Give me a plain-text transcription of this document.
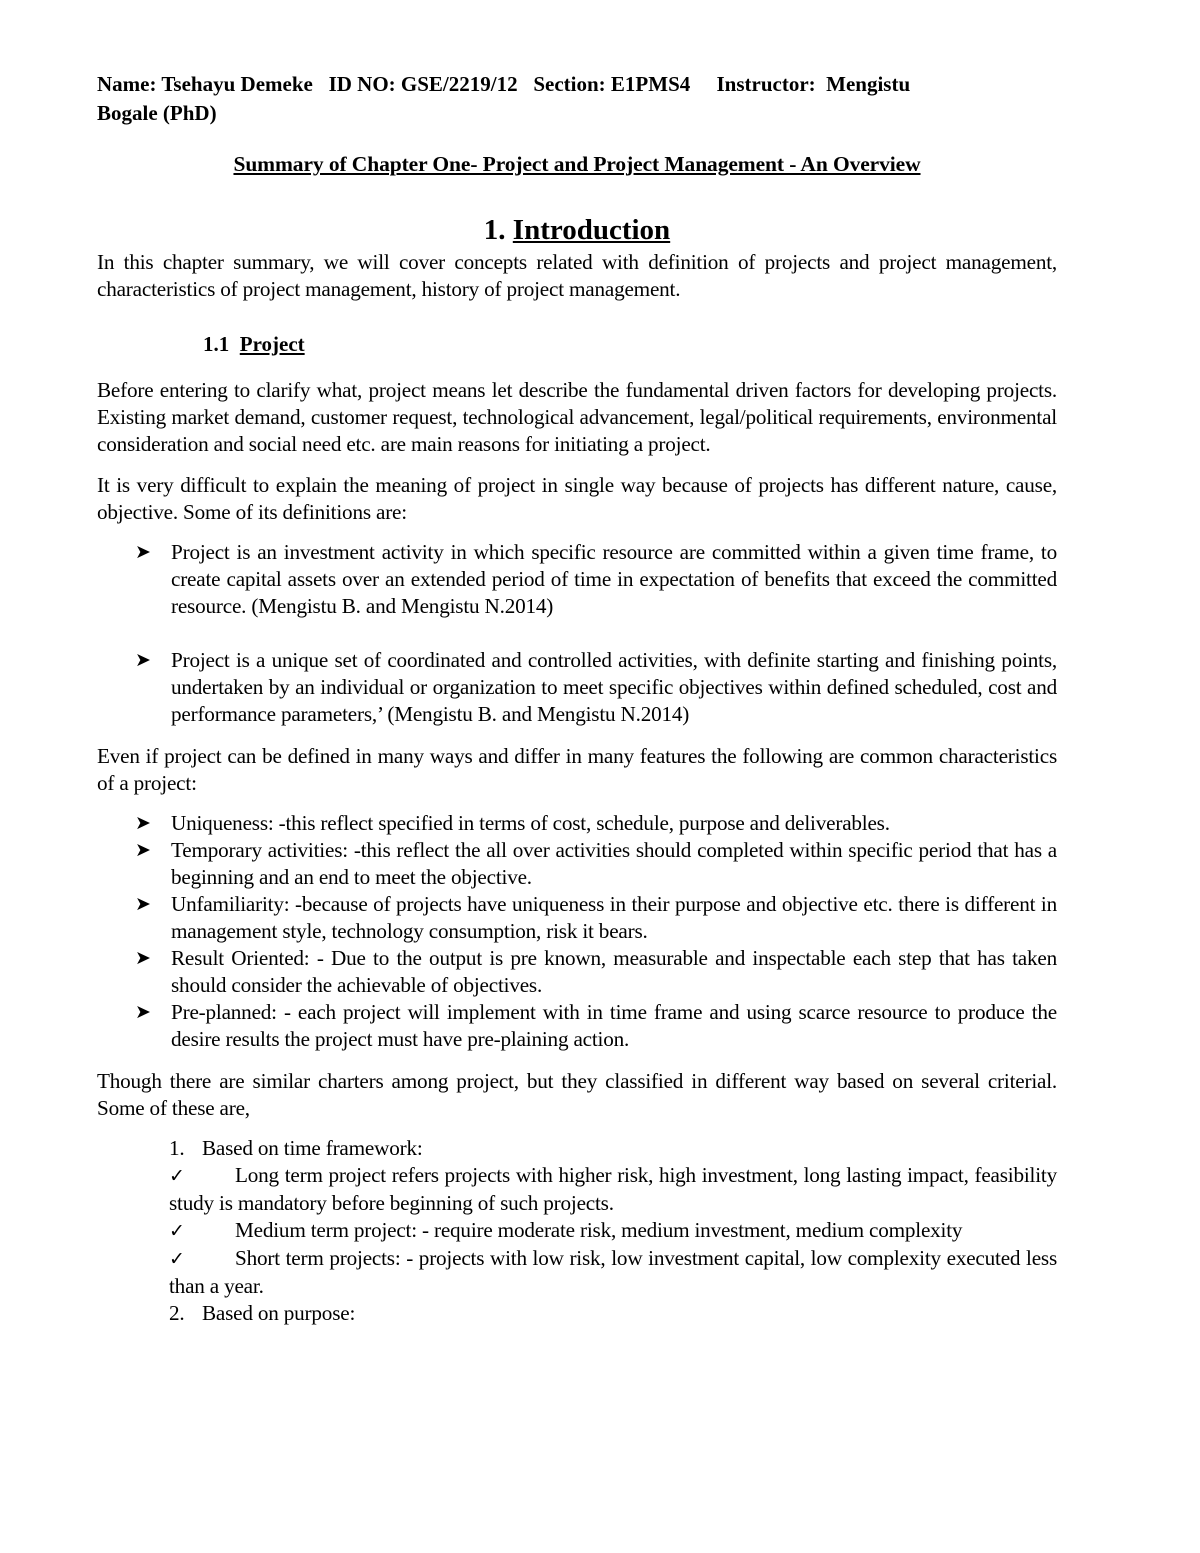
Name: Tsehayu Demeke   ID NO: GSE/2219/12   Section: E1PMS4     Instructor:  Mengistu

Bogale (PhD)

Summary of Chapter One- Project and Project Management - An Overview

1. Introduction

In this chapter summary, we will cover concepts related with definition of projects and project management, characteristics of project management, history of project management.

1.1 Project

Before entering to clarify what, project means let describe the fundamental driven factors for developing projects. Existing market demand, customer request, technological advancement, legal/political requirements, environmental consideration and social need etc. are main reasons for initiating a project.

It is very difficult to explain the meaning of project in single way because of projects has different nature, cause, objective. Some of its definitions are:

➤ Project is an investment activity in which specific resource are committed within a given time frame, to create capital assets over an extended period of time in expectation of benefits that exceed the committed resource. (Mengistu B. and Mengistu N.2014)
➤ Project is a unique set of coordinated and controlled activities, with definite starting and finishing points, undertaken by an individual or organization to meet specific objectives within defined scheduled, cost and performance parameters,’ (Mengistu B. and Mengistu N.2014)

Even if project can be defined in many ways and differ in many features the following are common characteristics of a project:

➤ Uniqueness: -this reflect specified in terms of cost, schedule, purpose and deliverables.
➤ Temporary activities: -this reflect the all over activities should completed within specific period that has a beginning and an end to meet the objective.
➤ Unfamiliarity: -because of projects have uniqueness in their purpose and objective etc. there is different in management style, technology consumption, risk it bears.
➤ Result Oriented: - Due to the output is pre known, measurable and inspectable each step that has taken should consider the achievable of objectives.
➤ Pre-planned: - each project will implement with in time frame and using scarce resource to produce the desire results the project must have pre-plaining action.

Though there are similar charters among project, but they classified in different way based on several criterial. Some of these are,

1. Based on time framework:

✓ Long term project refers projects with higher risk, high investment, long lasting impact, feasibility study is mandatory before beginning of such projects.

✓ Medium term project: - require moderate risk, medium investment, medium complexity

✓ Short term projects: - projects with low risk, low investment capital, low complexity executed less than a year.

2. Based on purpose:
